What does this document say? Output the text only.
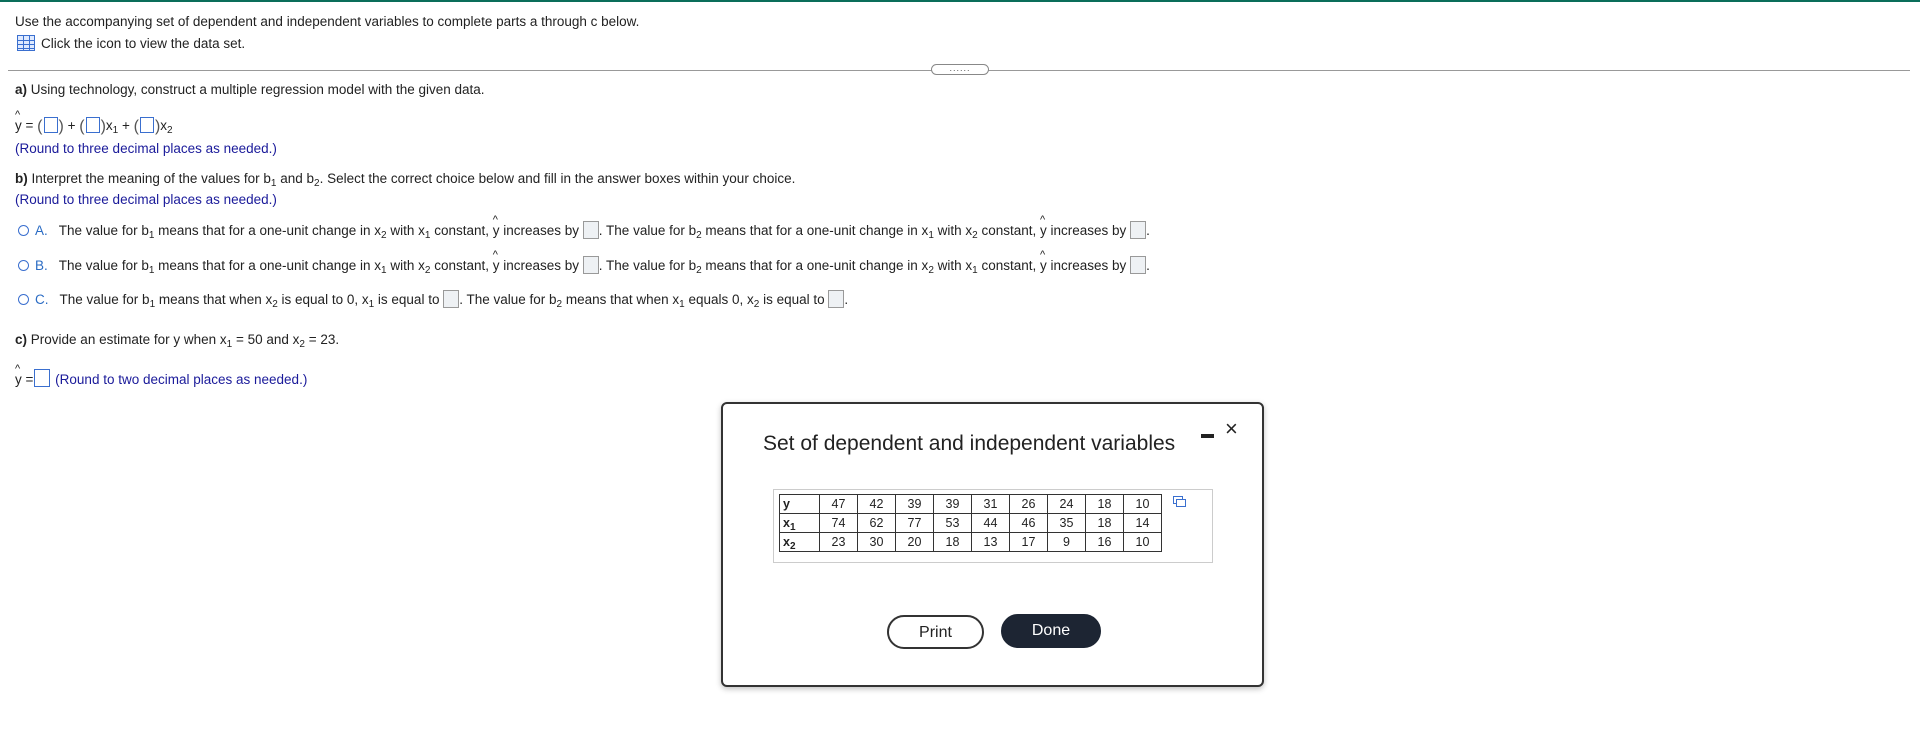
Use the accompanying set of dependent and independent variables to complete parts a through c below.
Click the icon to view the data set.
......
a) Using technology, construct a multiple regression model with the given data.
^ y = ( ) + ( )$x_1$ + ( )$x_2$
(Round to three decimal places as needed.)
b) Interpret the meaning of the values for $b_1$ and $b_2$. Select the correct choice below and fill in the answer boxes within your choice.
(Round to three decimal places as needed.)
A. The value for $b_1$ means that for a one-unit change in $x_2$ with $x_1$ constant, ^ y increases by . The value for $b_2$ means that for a one-unit change in $x_1$ with $x_2$ constant, ^ y increases by .
B. The value for $b_1$ means that for a one-unit change in $x_1$ with $x_2$ constant, ^ y increases by . The value for $b_2$ means that for a one-unit change in $x_2$ with $x_1$ constant, ^ y increases by .
C. The value for $b_1$ means that when $x_2$ is equal to 0, $x_1$ is equal to . The value for $b_2$ means that when $x_1$ equals 0, $x_2$ is equal to .
c) Provide an estimate for y when $x_1 = 50$ and $x_2 = 23$.
^ y = (Round to two decimal places as needed.)
Set of dependent and independent variables
×
y	47	42	39	39	31	26	24	18	10
$x_1$	74	62	77	53	44	46	35	18	14
$x_2$	23	30	20	18	13	17	9	16	10
Print	Done
